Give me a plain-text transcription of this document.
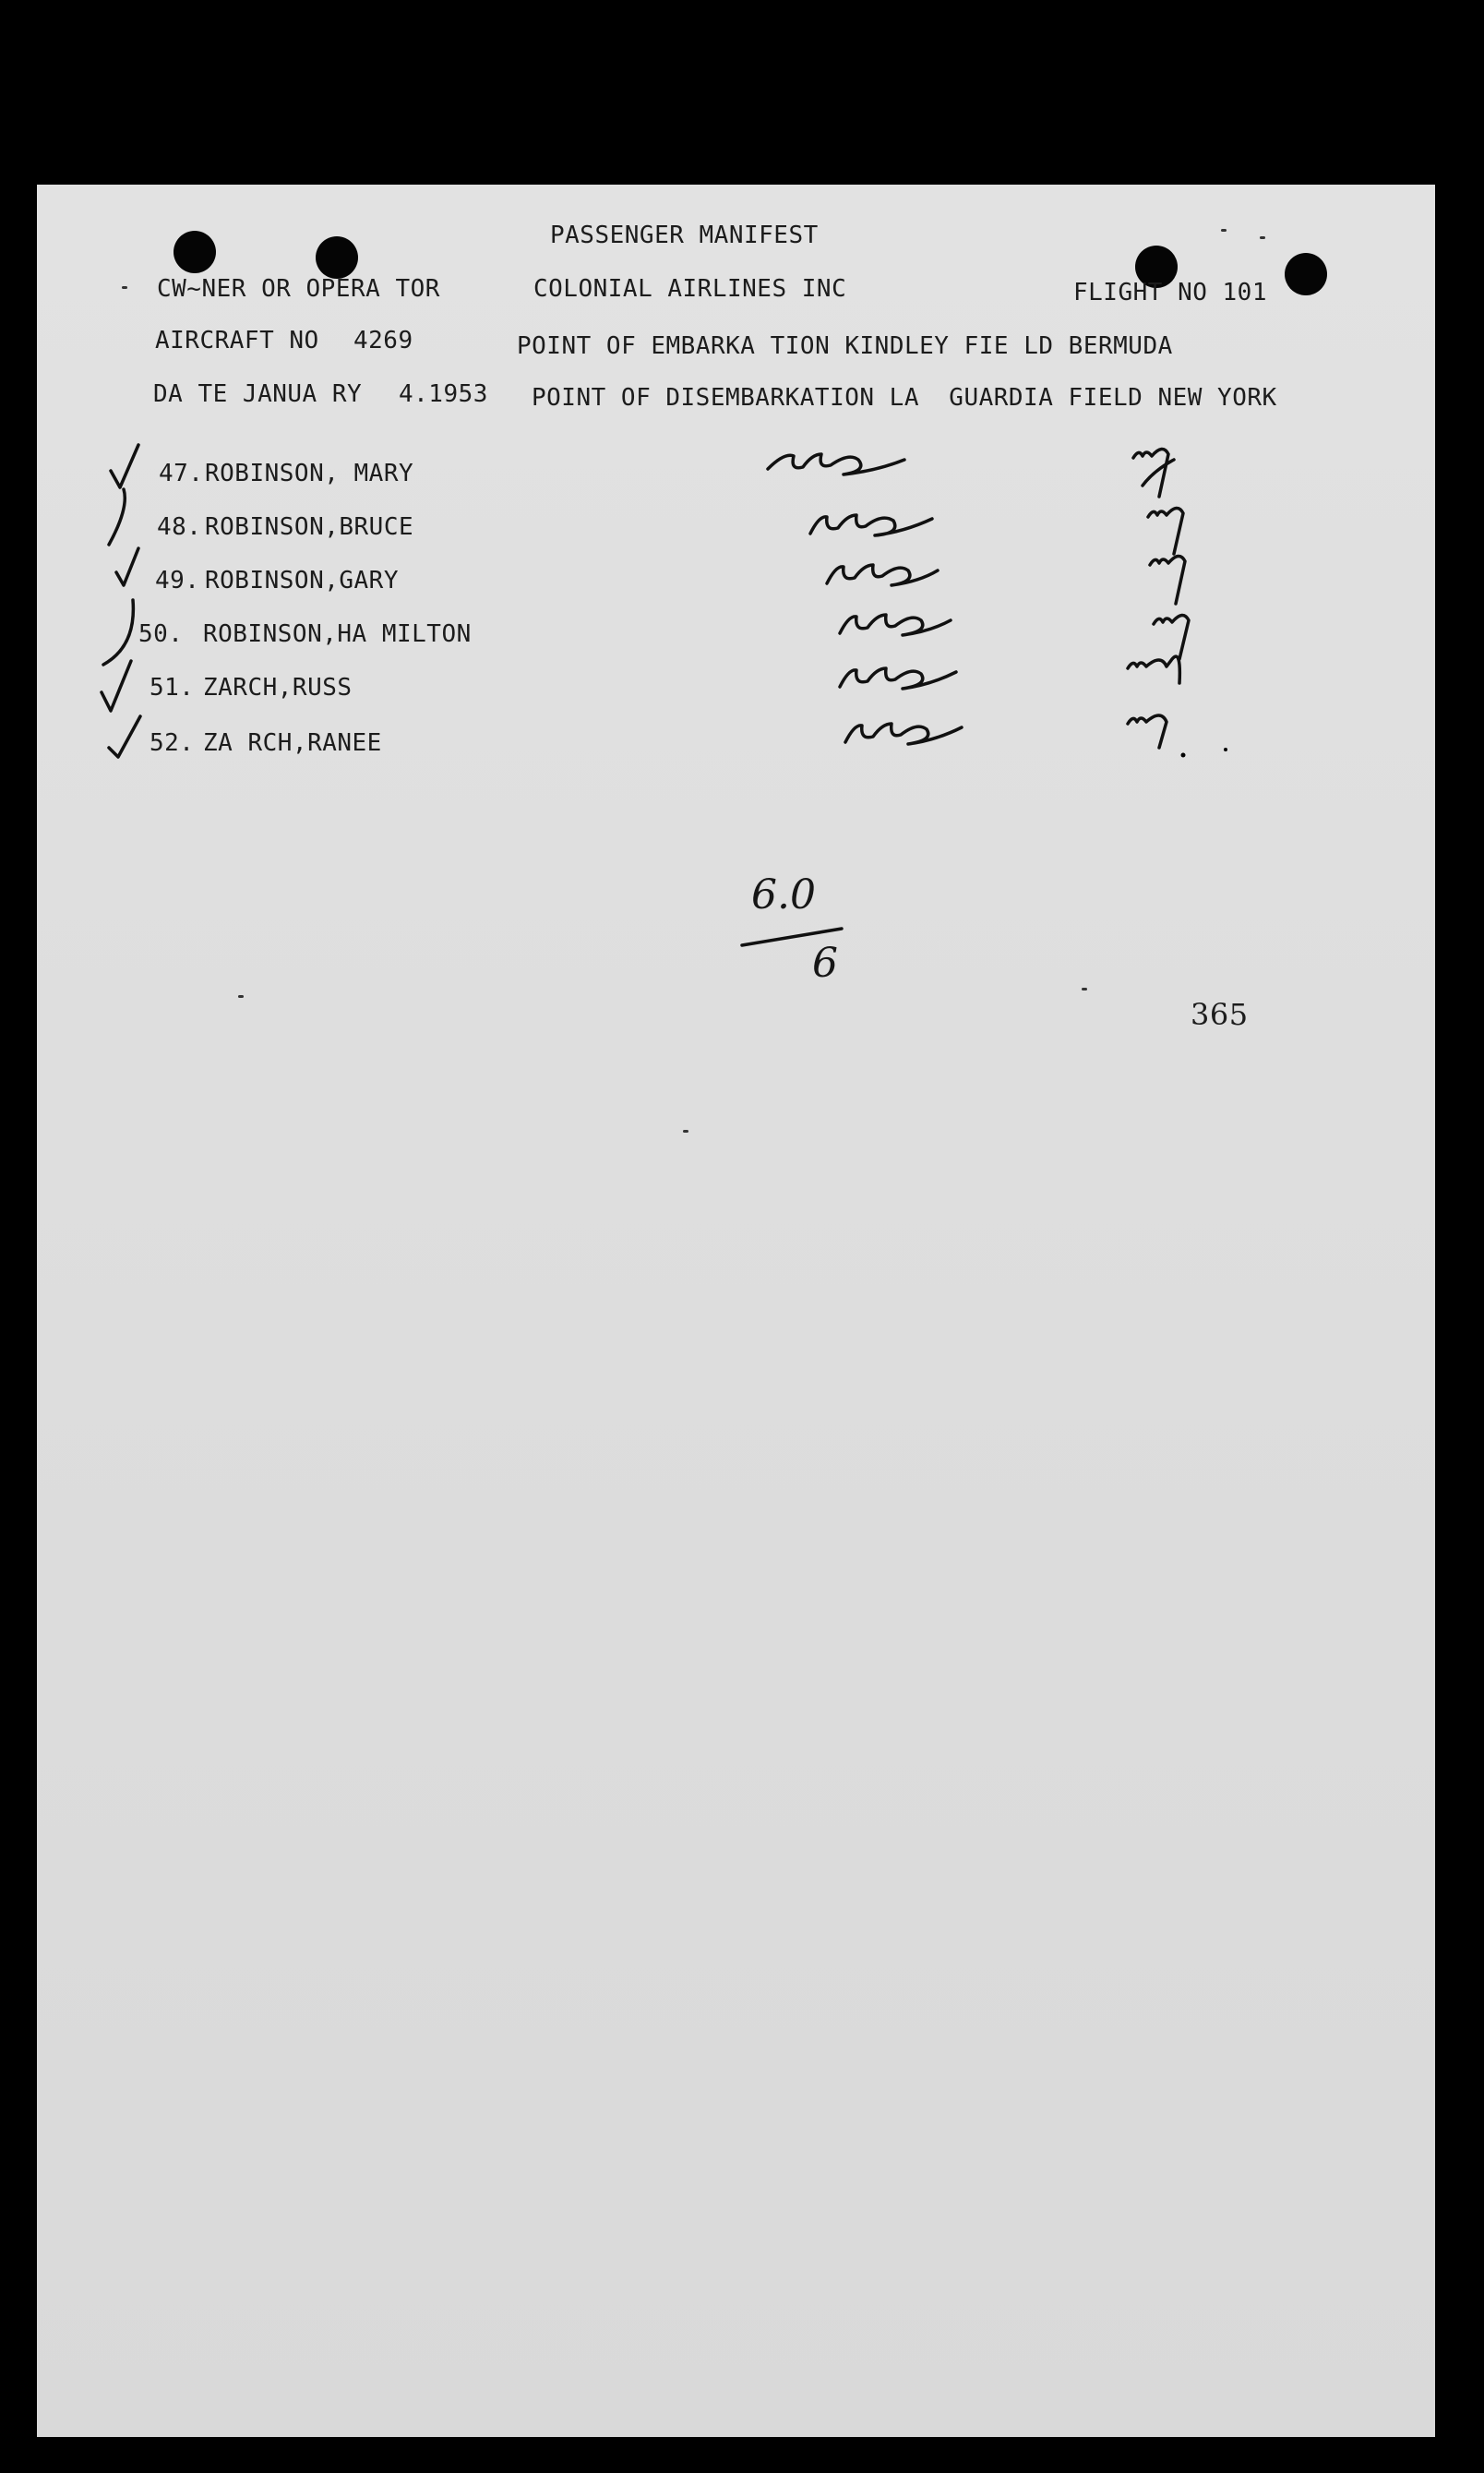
PASSENGER MANIFEST
CW~NER OR OPERA TOR	COLONIAL AIRLINES INC	FLIGHT NO 101
AIRCRAFT NO 4269	POINT OF EMBARKA TION KINDLEY FIE LD BERMUDA
DA TE JANUA RY 4.1953 POINT OF DISEMBARKATION LA  GUARDIA FIELD NEW YORK
47. ROBINSON, MARY
48. ROBINSON,BRUCE
49. ROBINSON,GARY
50. ROBINSON,HA MILTON
51. ZARCH,RUSS
52. ZA RCH,RANEE
6.0
6
365
